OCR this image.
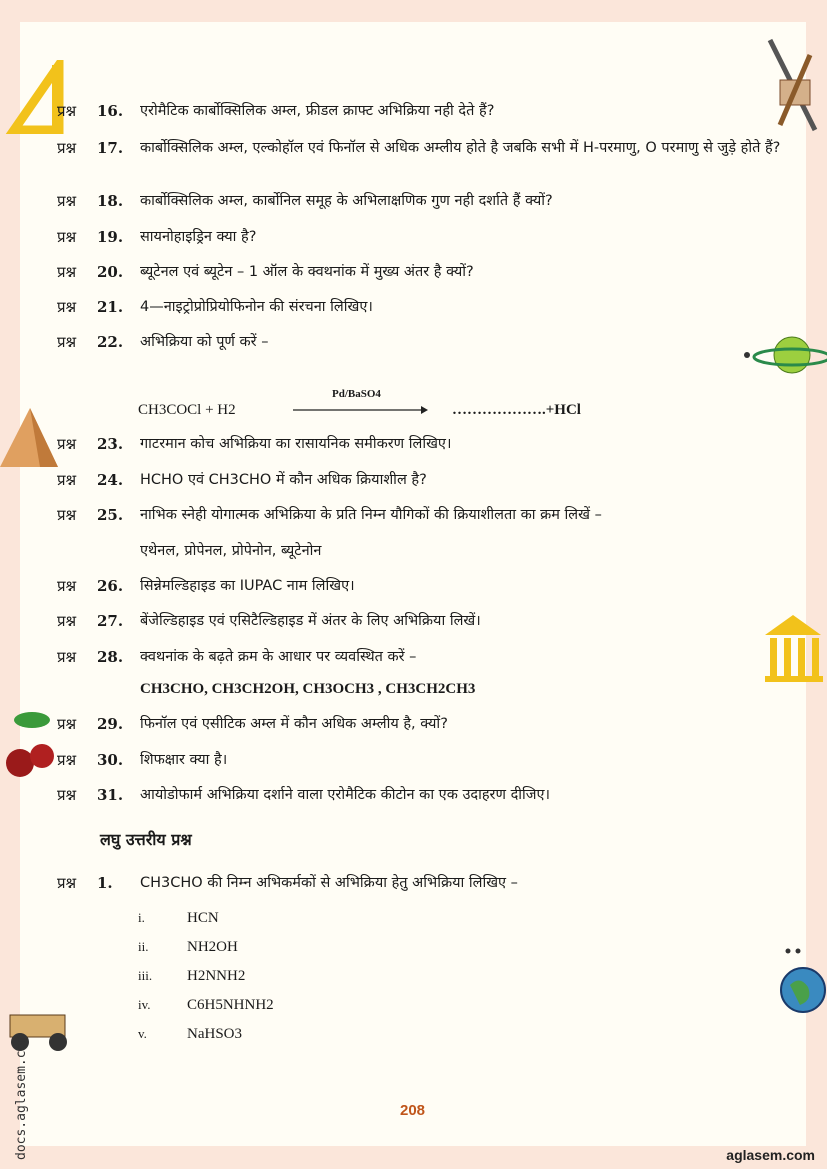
docs.aglasem.com
प्रश्न	16.	एरोमैटिक कार्बोक्सिलिक अम्ल, फ्रीडल क्राफ्ट अभिक्रिया नही देते हैं?
प्रश्न	17.	कार्बोक्सिलिक अम्ल, एल्कोहॉल एवं फिनॉल से अधिक अम्लीय होते है जबकि सभी में H-परमाणु, O परमाणु से जुड़े होते हैं?
प्रश्न	18.	कार्बोक्सिलिक अम्ल, कार्बोनिल समूह के अभिलाक्षणिक गुण नही दर्शाते हैं क्यों?
प्रश्न	19.	सायनोहाइड्रिन क्या है?
प्रश्न	20.	ब्यूटेनल एवं ब्यूटेन – 1 ऑल के क्वथनांक में मुख्य अंतर है क्यों?
प्रश्न	21.	4—नाइट्रोप्रोप्रियोफिनोन की संरचना लिखिए।
प्रश्न	22.	अभिक्रिया को पूर्ण करें –
CH3COCl + H2
Pd/BaSO4
……………….+HCl
प्रश्न	23.	गाटरमान कोच अभिक्रिया का रासायनिक समीकरण लिखिए।
प्रश्न	24.	HCHO एवं CH3CHO में कौन अधिक क्रियाशील है?
प्रश्न	25.	नाभिक स्नेही योगात्मक अभिक्रिया के प्रति निम्न यौगिकों की क्रियाशीलता का क्रम लिखें –
एथेनल, प्रोपेनल, प्रोपेनोन, ब्यूटेनोन
प्रश्न	26.	सिन्नेमल्डिहाइड का IUPAC नाम लिखिए।
प्रश्न	27.	बेंजेल्डिहाइड एवं एसिटैल्डिहाइड में अंतर के लिए अभिक्रिया लिखें।
प्रश्न	28.	क्वथनांक के बढ़ते क्रम के आधार पर व्यवस्थित करें –
CH3CHO, CH3CH2OH, CH3OCH3 , CH3CH2CH3
प्रश्न	29.	फिनॉल एवं एसीटिक अम्ल में कौन अधिक अम्लीय है, क्यों?
प्रश्न	30.	शिफक्षार क्या है।
प्रश्न	31.	आयोडोफार्म अभिक्रिया दर्शाने वाला एरोमैटिक कीटोन का एक उदाहरण दीजिए।
लघु उत्तरीय प्रश्न
प्रश्न	1.	CH3CHO की निम्न अभिकर्मकों से अभिक्रिया हेतु अभिक्रिया लिखिए –
i.	HCN
ii.	NH2OH
iii. H2NNH2
iv. C6H5NHNH2
v.	NaHSO3
208
aglasem.com
